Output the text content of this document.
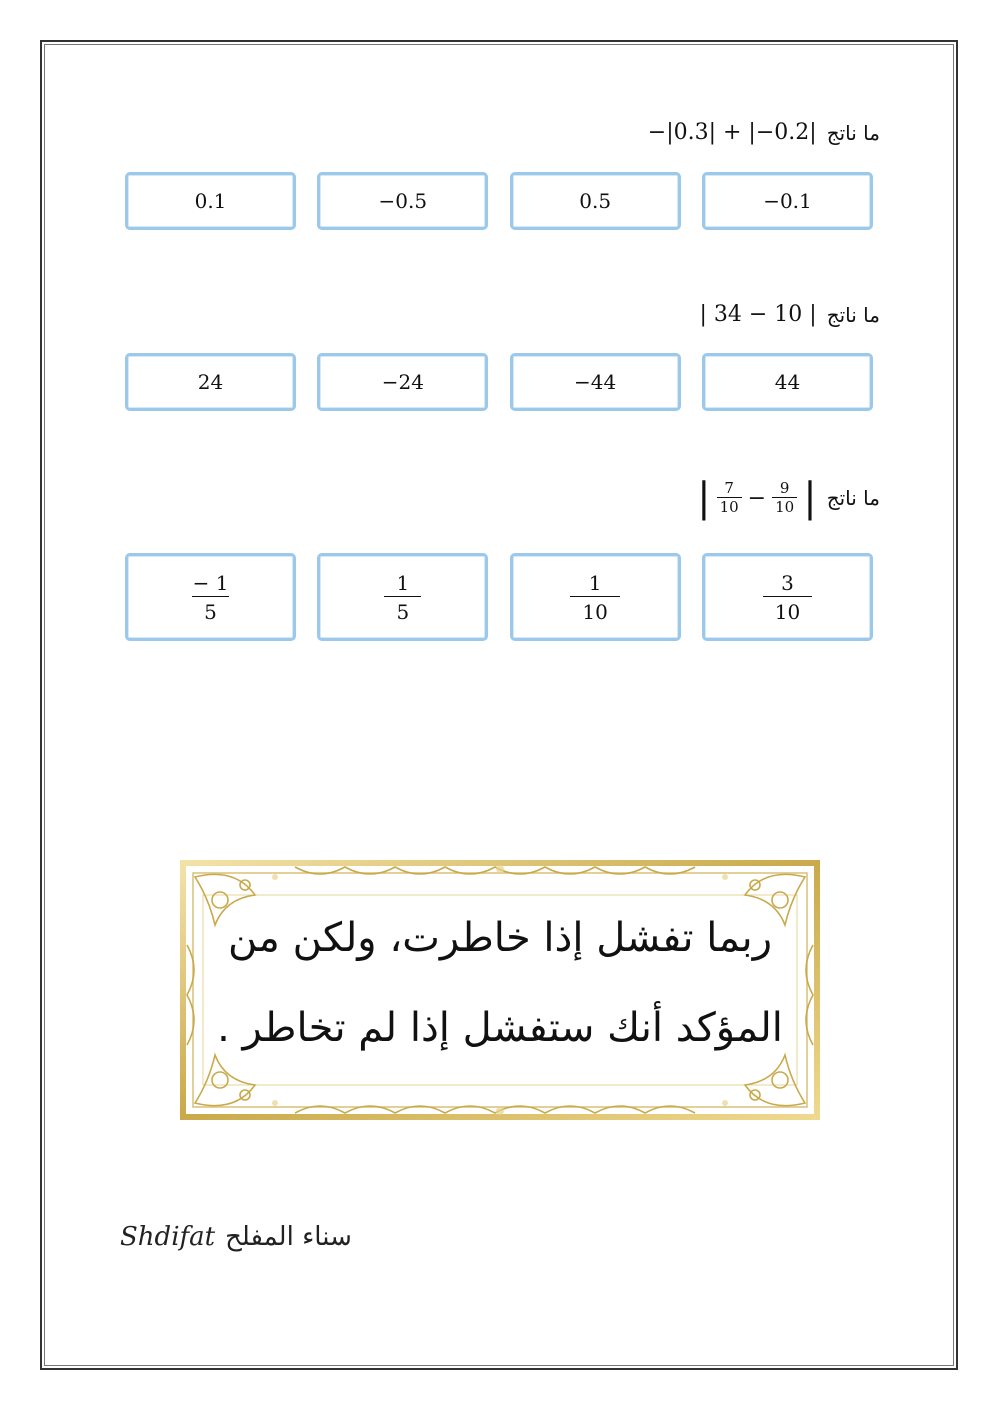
ما ناتج
−|0.3| + |−0.2|
0.1	−0.5	0.5	−0.1
ما ناتج
| 34 − 10 |
24	−24	−44	44
ما ناتج
| $\frac{7}{10} - \frac{9}{10}$ |
$\frac{- 1}{5}$	$\frac{1}{5}$	$\frac{1}{10}$	$\frac{3}{10}$
ربما تفشل إذا خاطرت، ولكن من
المؤكد أنك ستفشل إذا لم تخاطر .
Shdifat سناء المفلح
